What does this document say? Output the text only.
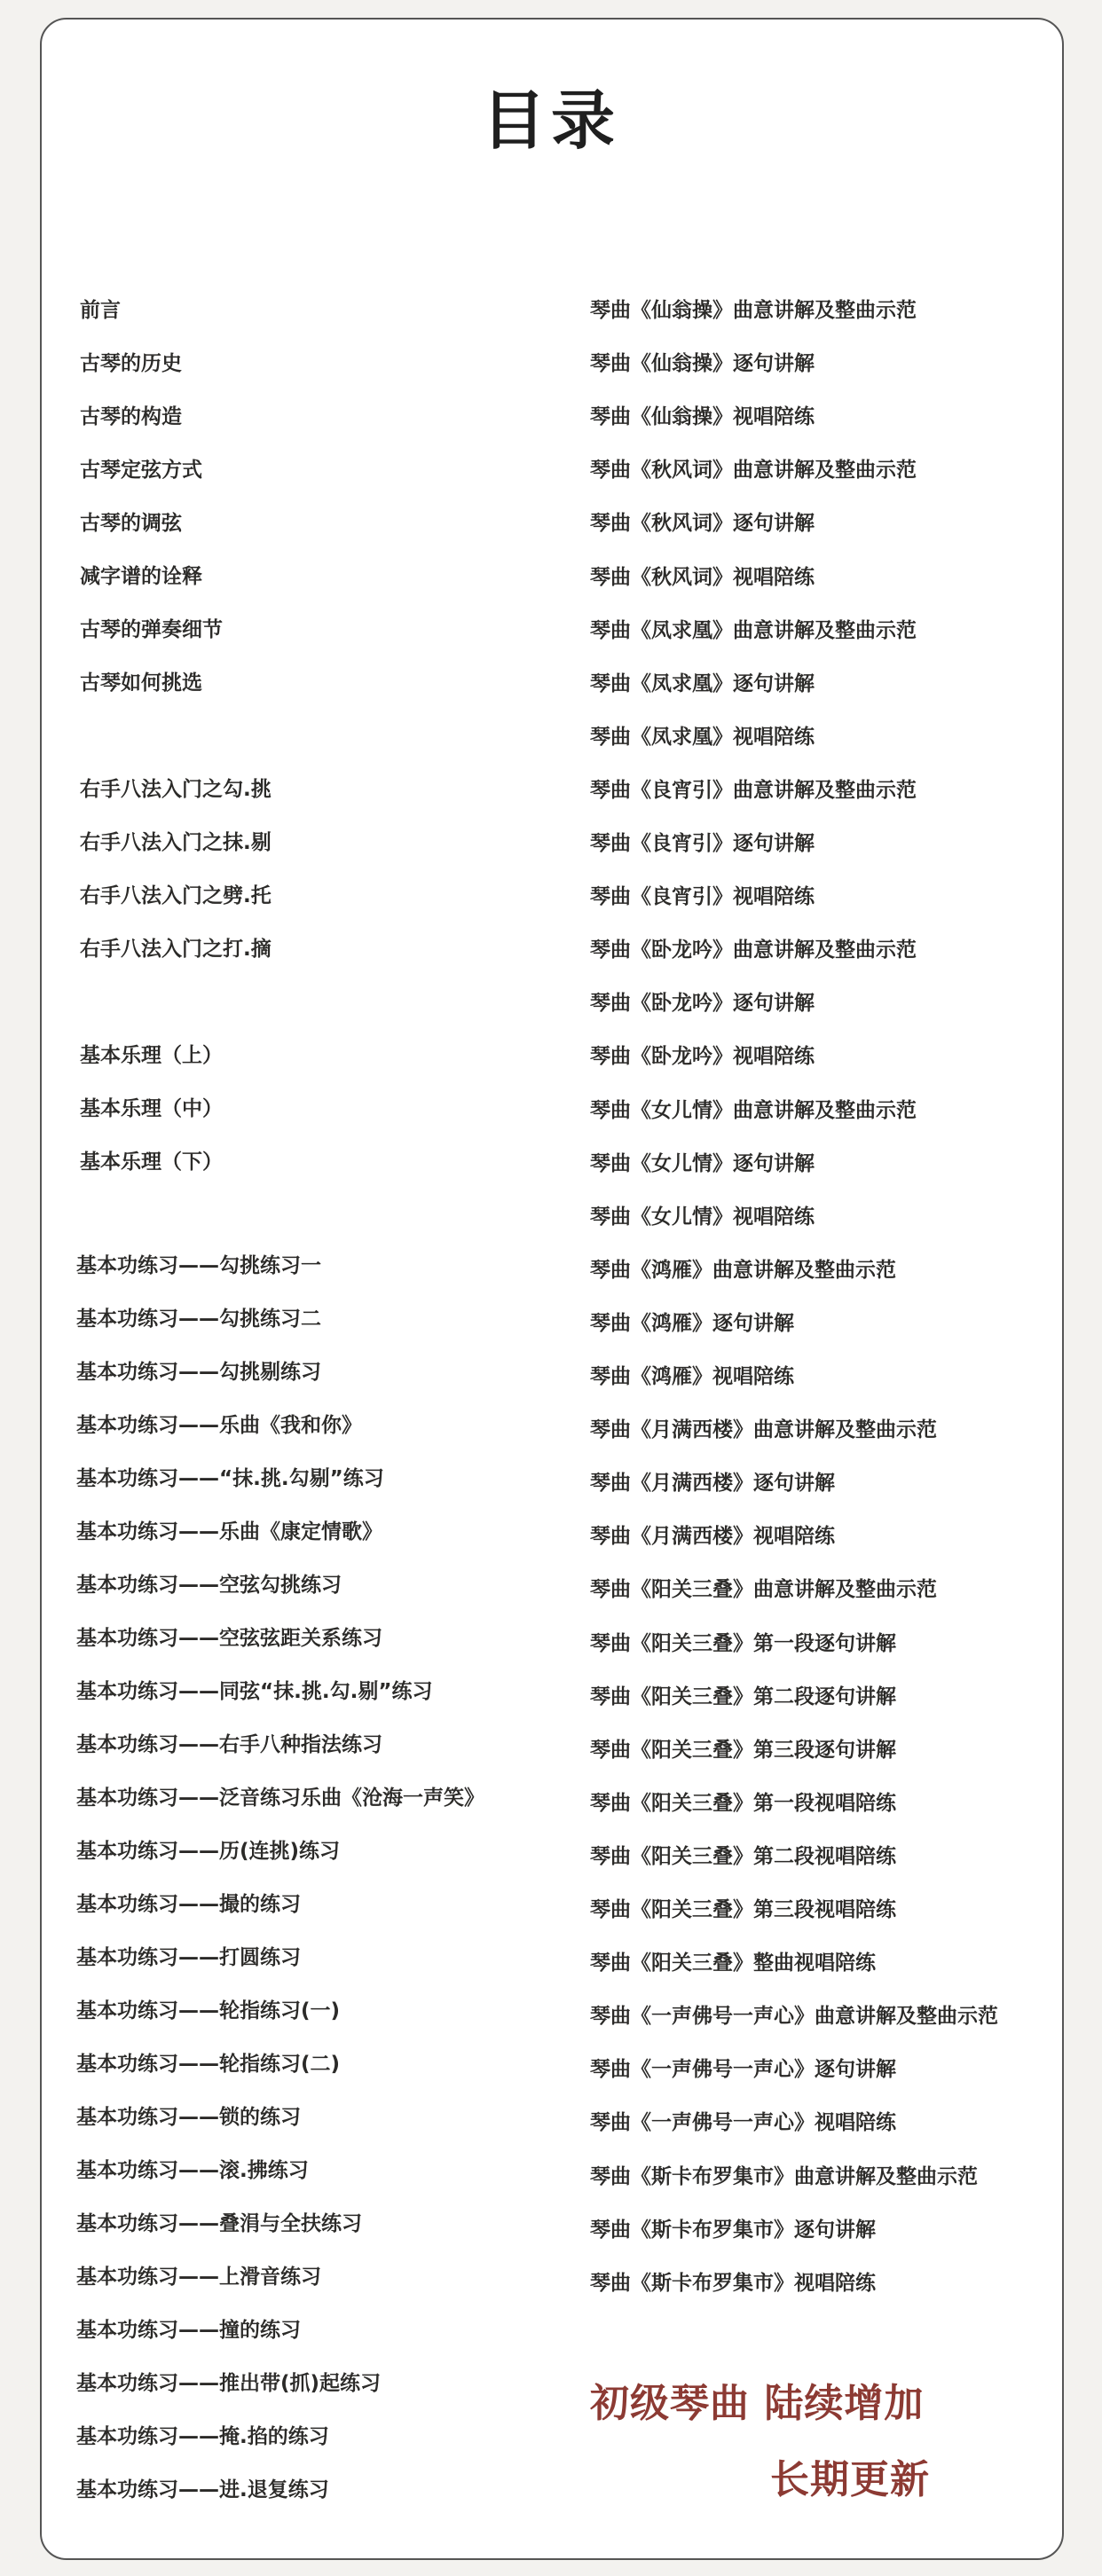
目录
前言
古琴的历史
古琴的构造
古琴定弦方式
古琴的调弦
减字谱的诠释
古琴的弹奏细节
古琴如何挑选
右手八法入门之勾.挑
右手八法入门之抹.剔
右手八法入门之劈.托
右手八法入门之打.摘
基本乐理（上）
基本乐理（中）
基本乐理（下）
基本功练习——勾挑练习一
基本功练习——勾挑练习二
基本功练习——勾挑剔练习
基本功练习——乐曲《我和你》
基本功练习——“抹.挑.勾剔”练习
基本功练习——乐曲《康定情歌》
基本功练习——空弦勾挑练习
基本功练习——空弦弦距关系练习
基本功练习——同弦“抹.挑.勾.剔”练习
基本功练习——右手八种指法练习
基本功练习——泛音练习乐曲《沧海一声笑》
基本功练习——历(连挑)练习
基本功练习——撮的练习
基本功练习——打圆练习
基本功练习——轮指练习(一)
基本功练习——轮指练习(二)
基本功练习——锁的练习
基本功练习——滚.拂练习
基本功练习——叠涓与全扶练习
基本功练习——上滑音练习
基本功练习——撞的练习
基本功练习——推出带(抓)起练习
基本功练习——掩.掐的练习
基本功练习——进.退复练习
琴曲《仙翁操》曲意讲解及整曲示范
琴曲《仙翁操》逐句讲解
琴曲《仙翁操》视唱陪练
琴曲《秋风词》曲意讲解及整曲示范
琴曲《秋风词》逐句讲解
琴曲《秋风词》视唱陪练
琴曲《凤求凰》曲意讲解及整曲示范
琴曲《凤求凰》逐句讲解
琴曲《凤求凰》视唱陪练
琴曲《良宵引》曲意讲解及整曲示范
琴曲《良宵引》逐句讲解
琴曲《良宵引》视唱陪练
琴曲《卧龙吟》曲意讲解及整曲示范
琴曲《卧龙吟》逐句讲解
琴曲《卧龙吟》视唱陪练
琴曲《女儿情》曲意讲解及整曲示范
琴曲《女儿情》逐句讲解
琴曲《女儿情》视唱陪练
琴曲《鸿雁》曲意讲解及整曲示范
琴曲《鸿雁》逐句讲解
琴曲《鸿雁》视唱陪练
琴曲《月满西楼》曲意讲解及整曲示范
琴曲《月满西楼》逐句讲解
琴曲《月满西楼》视唱陪练
琴曲《阳关三叠》曲意讲解及整曲示范
琴曲《阳关三叠》第一段逐句讲解
琴曲《阳关三叠》第二段逐句讲解
琴曲《阳关三叠》第三段逐句讲解
琴曲《阳关三叠》第一段视唱陪练
琴曲《阳关三叠》第二段视唱陪练
琴曲《阳关三叠》第三段视唱陪练
琴曲《阳关三叠》整曲视唱陪练
琴曲《一声佛号一声心》曲意讲解及整曲示范
琴曲《一声佛号一声心》逐句讲解
琴曲《一声佛号一声心》视唱陪练
琴曲《斯卡布罗集市》曲意讲解及整曲示范
琴曲《斯卡布罗集市》逐句讲解
琴曲《斯卡布罗集市》视唱陪练
初级琴曲 陆续增加
长期更新
